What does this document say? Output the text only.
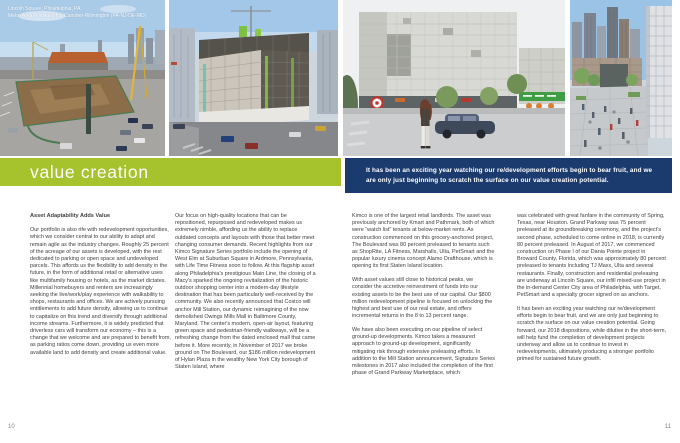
Lincoln Square, Philadelphia, PA
Metro Area: Philadelphia-Camden-Wilmington (PA-NJ-DE-MD)
value creation	It has been an exciting year watching our re/development efforts begin to bear fruit, and we are only just beginning to scratch the surface on our value creation potential.
Asset Adaptability Adds Value

Our portfolio is also rife with redevelopment opportunities, which we consider central to our ability to adapt and remain agile as the industry changes. Roughly 25 percent of the acreage of our assets is developed, with the rest dedicated to parking or open space and undeveloped parcels. This affords us the flexibility to add density in the future, in the form of additional retail or alternative uses like multifamily housing or hotels, as the market dictates. Millennial homebuyers and renters are increasingly seeking the live/work/play experience with walkability to shops, restaurants and offices. We are actively pursuing entitlements to add future density, allowing us to continue to capitalize on this trend and diversify through additional income streams. Furthermore, it is widely predicted that driverless cars will transform our economy – this is a change that we welcome and are prepared to benefit from, as parking ratios come down, providing us even more available land to add density and create additional value.

Our focus on high-quality locations that can be repositioned, repurposed and redeveloped makes us extremely nimble, affording us the ability to replace outdated concepts and layouts with those that better meet changing consumer demands. Recent highlights from our Kimco Signature Series portfolio include the opening of West Elm at Suburban Square in Ardmore, Pennsylvania, with Life Time Fitness soon to follow. At this flagship asset along Philadelphia's prestigious Main Line, the closing of a Macy's sparked the ongoing revitalization of the historic outdoor shopping center into a modern-day lifestyle destination that has been particularly well-received by the community. We also recently announced that Costco will anchor Mill Station, our dynamic reimagining of the now demolished Owings Mills Mall in Baltimore County, Maryland. The center's modern, open-air layout, featuring green space and pedestrian-friendly walkways, will be a refreshing change from the dated enclosed mall that came before it. More recently, in November of 2017 we broke ground on The Boulevard, our $186 million redevelopment of Hylan Plaza in the wealthy New York City borough of Staten Island, where

Kimco is one of the largest retail landlords. The asset was previously anchored by Kmart and Pathmark, both of which were “watch list” tenants at below-market rents. As construction commenced on this grocery-anchored project, The Boulevard was 80 percent preleased to tenants such as ShopRite, LA Fitness, Marshalls, Ulta, PetSmart and the popular luxury cinema concept Alamo Drafthouse, which is opening its first Staten Island location.

With asset values still close to historical peaks, we consider the accretive reinvestment of funds into our existing assets to be the best use of our capital. Our $800 million redevelopment pipeline is focused on unlocking the highest and best use of our real estate, and offers incremental returns in the 8 to 13 percent range.

We have also been executing on our pipeline of select ground-up developments. Kimco takes a measured approach to ground-up development, significantly mitigating risk through extensive preleasing efforts. In addition to the Mill Station announcement, Signature Series milestones in 2017 also included the completion of the first phase of Grand Parkway Marketplace, which

was celebrated with great fanfare in the community of Spring, Texas, near Houston. Grand Parkway was 75 percent preleased at its groundbreaking ceremony, and the project's second phase, scheduled to come online in 2018, is currently 80 percent preleased. In August of 2017, we commenced construction on Phase I of our Dania Pointe project in Broward County, Florida, which was approximately 80 percent preleased to tenants including TJ Maxx, Ulta and several restaurants. Finally, construction and residential preleasing are underway at Lincoln Square, our infill mixed-use project in the in-demand Center City area of Philadelphia, with Target, PetSmart and a specialty grocer signed on as anchors.

It has been an exciting year watching our re/development efforts begin to bear fruit, and we are only just beginning to scratch the surface on our value creation potential. Going forward, our 2018 dispositions, while dilutive in the short-term, will help fund the completion of development projects underway and allow us to continue to invest in redevelopments, ultimately producing a stronger portfolio primed for sustained future growth.

10	11
